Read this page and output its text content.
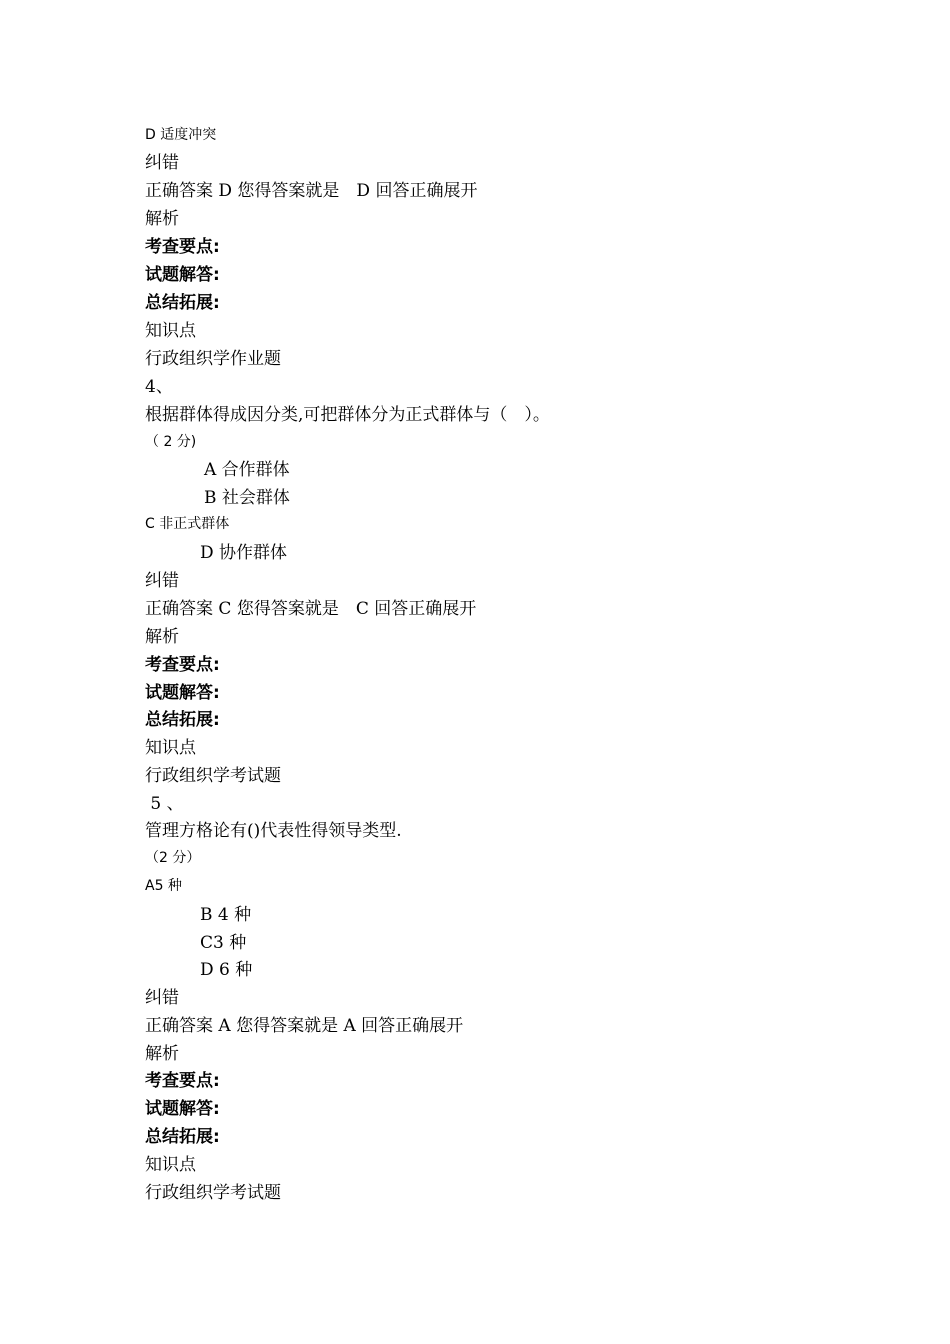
D 适度冲突
纠错
正确答案 D 您得答案就是　D 回答正确展开
解析
考查要点:
试题解答:
总结拓展:
知识点
行政组织学作业题
4、
根据群体得成因分类,可把群体分为正式群体与（　）。
（ 2 分)
A 合作群体
B 社会群体
C 非正式群体
D 协作群体
纠错
正确答案 C 您得答案就是　C 回答正确展开
解析
考查要点:
试题解答:
总结拓展:
知识点
行政组织学考试题
5 、
管理方格论有()代表性得领导类型.
（2 分）
A5 种
B 4 种
C3 种
D 6 种
纠错
正确答案 A 您得答案就是 A 回答正确展开
解析
考查要点:
试题解答:
总结拓展:
知识点
行政组织学考试题
